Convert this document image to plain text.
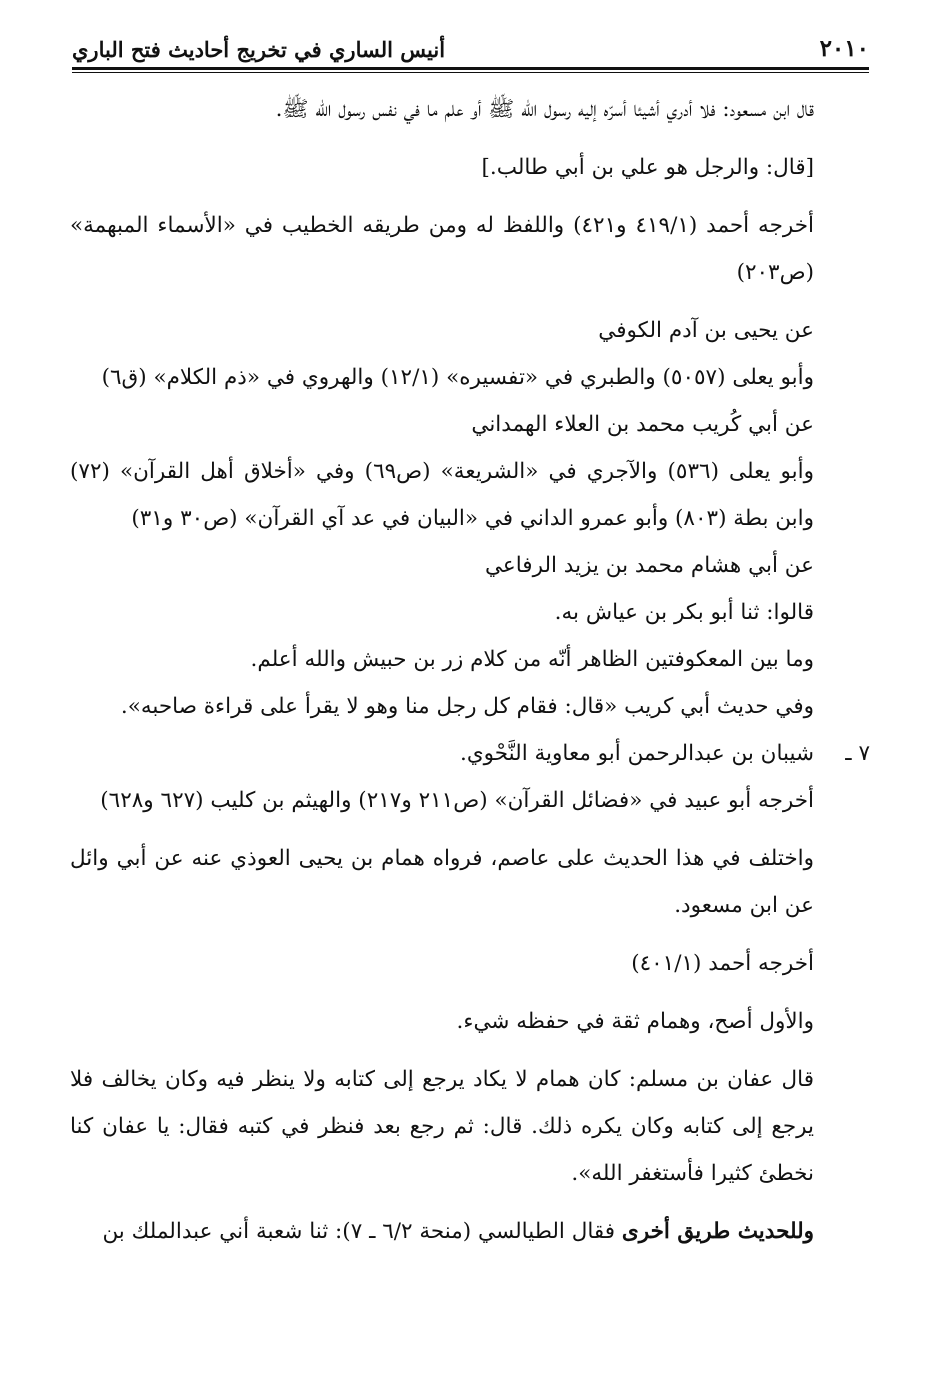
٢٠١٠
أنيس الساري في تخريج أحاديث فتح الباري

قال ابن مسعود: فلا أدري أشيئا أسرّه إليه رسول الله ﷺ أو علم ما في نفس رسول الله ﷺ.

[قال: والرجل هو علي بن أبي طالب.]

أخرجه أحمد (٤١٩/١ و٤٢١) واللفظ له ومن طريقه الخطيب في «الأسماء المبهمة» (ص٢٠٣)

عن يحيى بن آدم الكوفي

وأبو يعلى (٥٠٥٧) والطبري في «تفسيره» (١٢/١) والهروي في «ذم الكلام» (ق٦)

عن أبي كُريب محمد بن العلاء الهمداني

وأبو يعلى (٥٣٦) والآجري في «الشريعة» (ص٦٩) وفي «أخلاق أهل القرآن» (٧٢) وابن بطة (٨٠٣) وأبو عمرو الداني في «البيان في عد آي القرآن» (ص٣٠ و٣١)

عن أبي هشام محمد بن يزيد الرفاعي

قالوا: ثنا أبو بكر بن عياش به.

وما بين المعكوفتين الظاهر أنّه من كلام زر بن حبيش والله أعلم.

وفي حديث أبي كريب «قال: فقام كل رجل منا وهو لا يقرأ على قراءة صاحبه».

٧ ـشيبان بن عبدالرحمن أبو معاوية النَّحْوي.

أخرجه أبو عبيد في «فضائل القرآن» (ص٢١١ و٢١٧) والهيثم بن كليب (٦٢٧ و٦٢٨)

واختلف في هذا الحديث على عاصم، فرواه همام بن يحيى العوذي عنه عن أبي وائل عن ابن مسعود.

أخرجه أحمد (٤٠١/١)

والأول أصح، وهمام ثقة في حفظه شيء.

قال عفان بن مسلم: كان همام لا يكاد يرجع إلى كتابه ولا ينظر فيه وكان يخالف فلا يرجع إلى كتابه وكان يكره ذلك. قال: ثم رجع بعد فنظر في كتبه فقال: يا عفان كنا نخطئ كثيرا فأستغفر الله».

وللحديث طريق أخرى فقال الطيالسي (منحة ٦/٢ ـ ٧): ثنا شعبة أني عبدالملك بن
